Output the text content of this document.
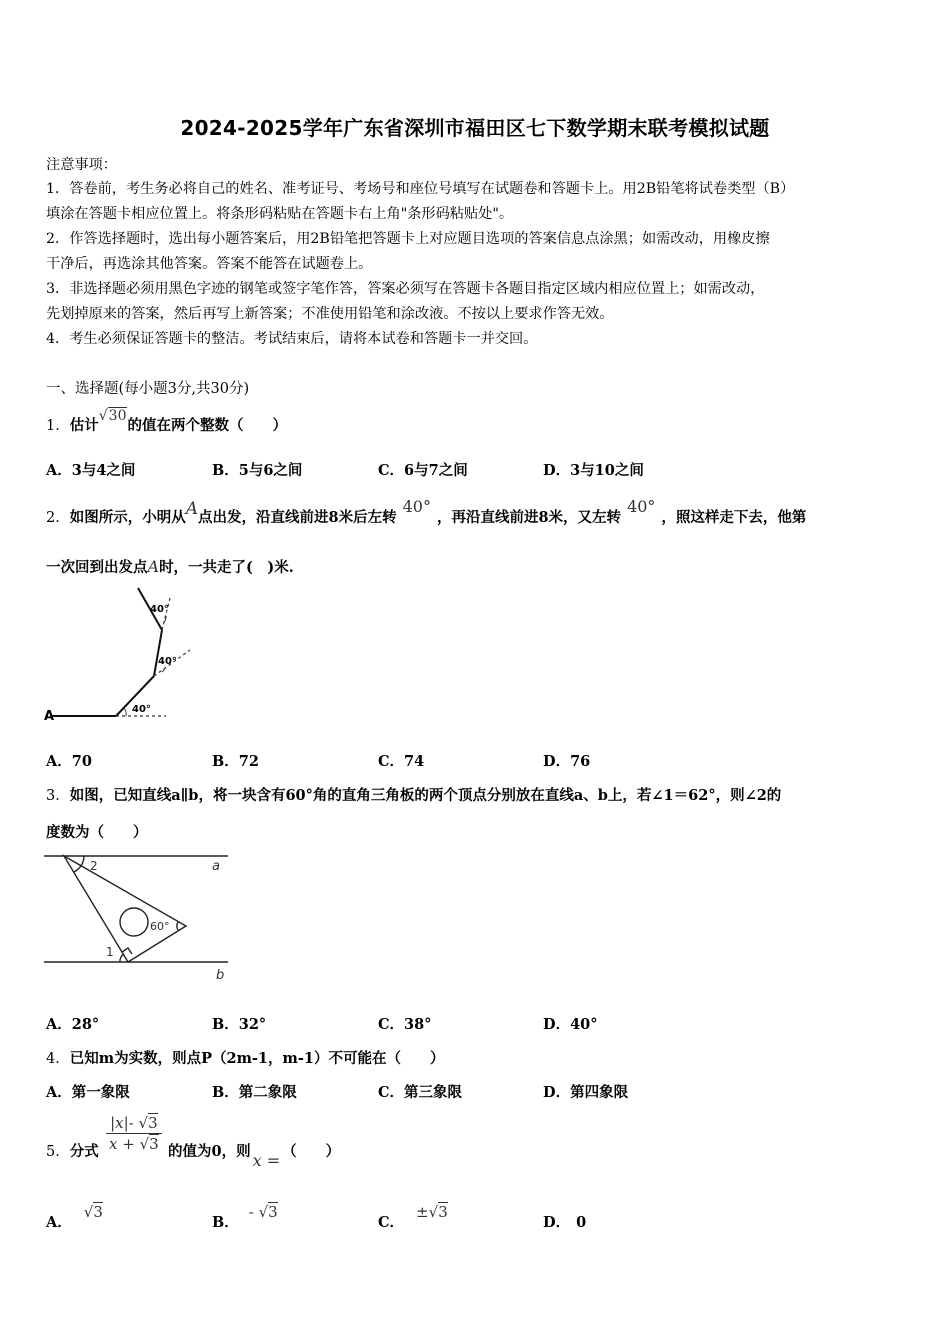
2024-2025学年广东省深圳市福田区七下数学期末联考模拟试题
注意事项：
1．答卷前，考生务必将自己的姓名、准考证号、考场号和座位号填写在试题卷和答题卡上。用2B铅笔将试卷类型（B）
填涂在答题卡相应位置上。将条形码粘贴在答题卡右上角"条形码粘贴处"。
2．作答选择题时，选出每小题答案后，用2B铅笔把答题卡上对应题目选项的答案信息点涂黑；如需改动，用橡皮擦
干净后，再选涂其他答案。答案不能答在试题卷上。
3．非选择题必须用黑色字迹的钢笔或签字笔作答，答案必须写在答题卡各题目指定区域内相应位置上；如需改动，
先划掉原来的答案，然后再写上新答案；不准使用铅笔和涂改液。不按以上要求作答无效。
4．考生必须保证答题卡的整洁。考试结束后，请将本试卷和答题卡一并交回。
一、选择题(每小题3分,共30分)
1．估计√30的值在两个整数（　　）
A．3与4之间	B．5与6之间	C．6与7之间	D．3与10之间
2．如图所示，小明从A点出发，沿直线前进8米后左转40°，再沿直线前进8米，又左转40°，照这样走下去，他第
一次回到出发点A时，一共走了(　)米.
A	40°
40°
40°
A．70	B．72	C．74	D．76
3．如图，已知直线a∥b，将一块含有60°角的直角三角板的两个顶点分别放在直线a、b上，若∠1＝62°，则∠2的
度数为（　　）
a
b
2
1
60°
A．28°	B．32°	C．38°	D．40°
4．已知m为实数，则点P（2m-1，m-1）不可能在（　　）
A．第一象限	B．第二象限	C．第三象限	D．第四象限
5．分式 $\frac{|x|- √3}{x + √3}$ 的值为0，则 x = （　　）
A．√3
B．- √3
C．±√3
D． 0
